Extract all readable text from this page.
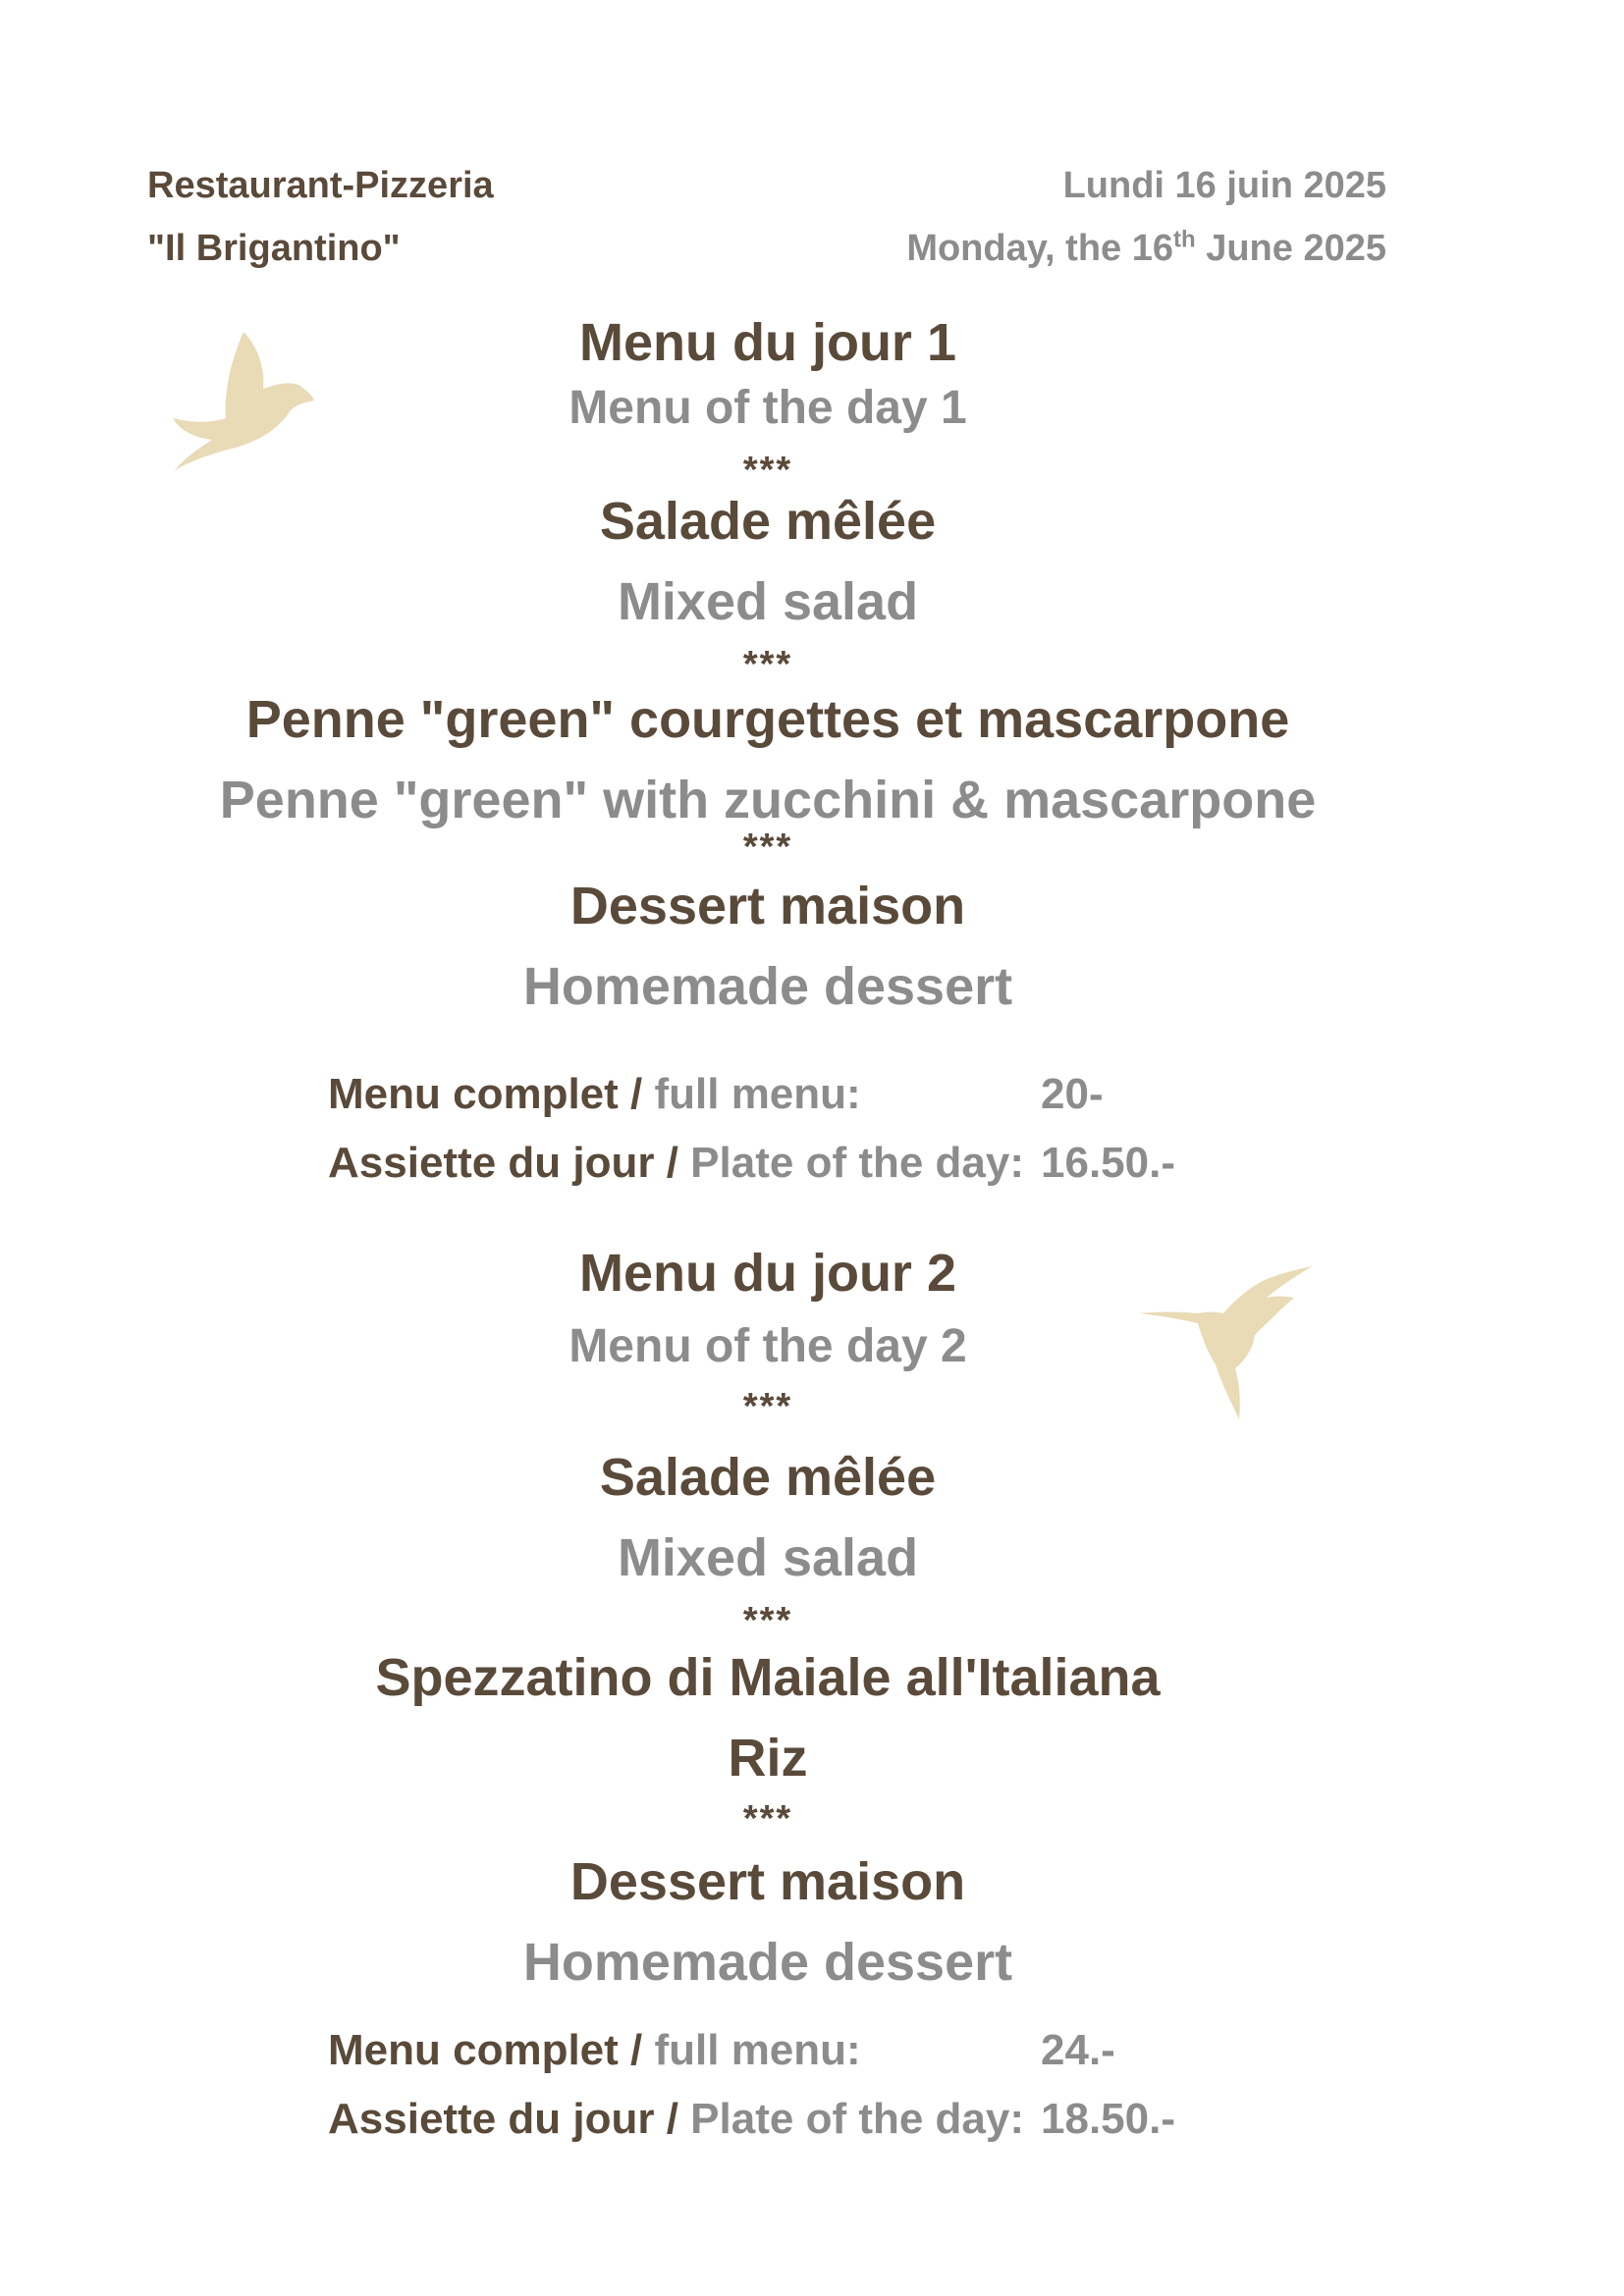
Restaurant-Pizzeria
"Il Brigantino"
Lundi 16 juin 2025
Monday, the 16th June 2025
Menu du jour 1
Menu of the day 1
***
Salade mêlée
Mixed salad
***
Penne "green" courgettes et mascarpone
Penne "green" with zucchini & mascarpone
***
Dessert maison
Homemade dessert
Menu complet / full menu:	20-
Assiette du jour / Plate of the day: 16.50.-
Menu du jour 2
Menu of the day 2
***
Salade mêlée
Mixed salad
***
Spezzatino di Maiale all'Italiana
Riz
***
Dessert maison
Homemade dessert
Menu complet / full menu:	24.-
Assiette du jour / Plate of the day: 18.50.-
